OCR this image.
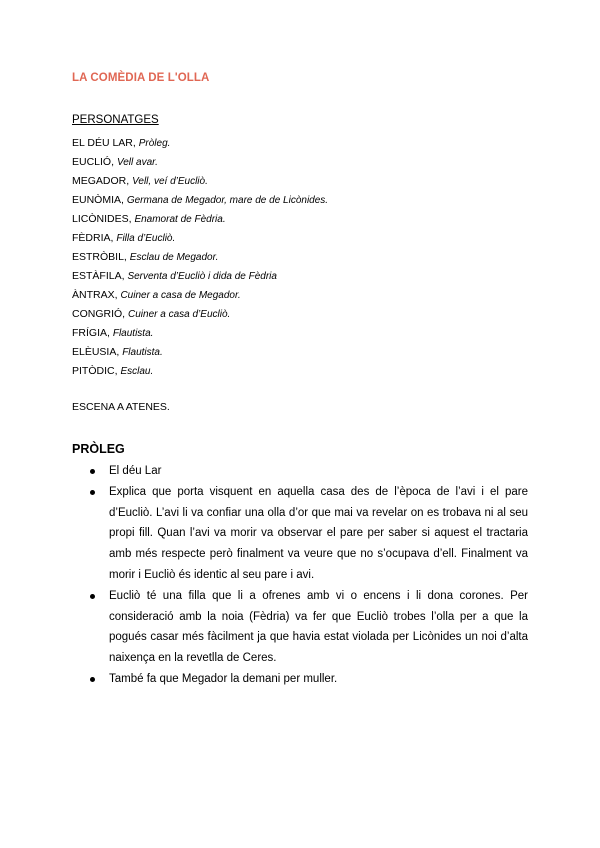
LA COMÈDIA DE L'OLLA
PERSONATGES
EL DÉU LAR, Pròleg.
EUCLIÓ, Vell avar.
MEGADOR, Vell, veí d’Eucliò.
EUNÒMIA, Germana de Megador, mare de de Licònides.
LICÒNIDES, Enamorat de Fèdria.
FÈDRIA, Filla d’Eucliò.
ESTRÒBIL, Esclau de Megador.
ESTÀFILA, Serventa d’Eucliò i dida de Fèdria
ÀNTRAX, Cuiner a casa de Megador.
CONGRIÓ, Cuiner a casa d’Eucliò.
FRÍGIA, Flautista.
ELÈUSIA, Flautista.
PITÒDIC, Esclau.
ESCENA A ATENES.
PRÒLEG
El déu Lar
Explica que porta visquent en aquella casa des de l’època de l’avi i el pare d’Eucliò. L’avi li va confiar una olla d’or que mai va revelar on es trobava ni al seu propi fill. Quan l’avi va morir va observar el pare per saber si aquest el tractaria amb més respecte però finalment va veure que no s’ocupava d’ell. Finalment va morir i Eucliò és identic al seu pare i avi.
Eucliò té una filla que li a ofrenes amb vi o encens i li dona corones. Per consideració amb la noia (Fèdria) va fer que Eucliò trobes l’olla per a que la pogués casar més fàcilment ja que havia estat violada per Licònides un noi d’alta naixença en la revetlla de Ceres.
També fa que Megador la demani per muller.
